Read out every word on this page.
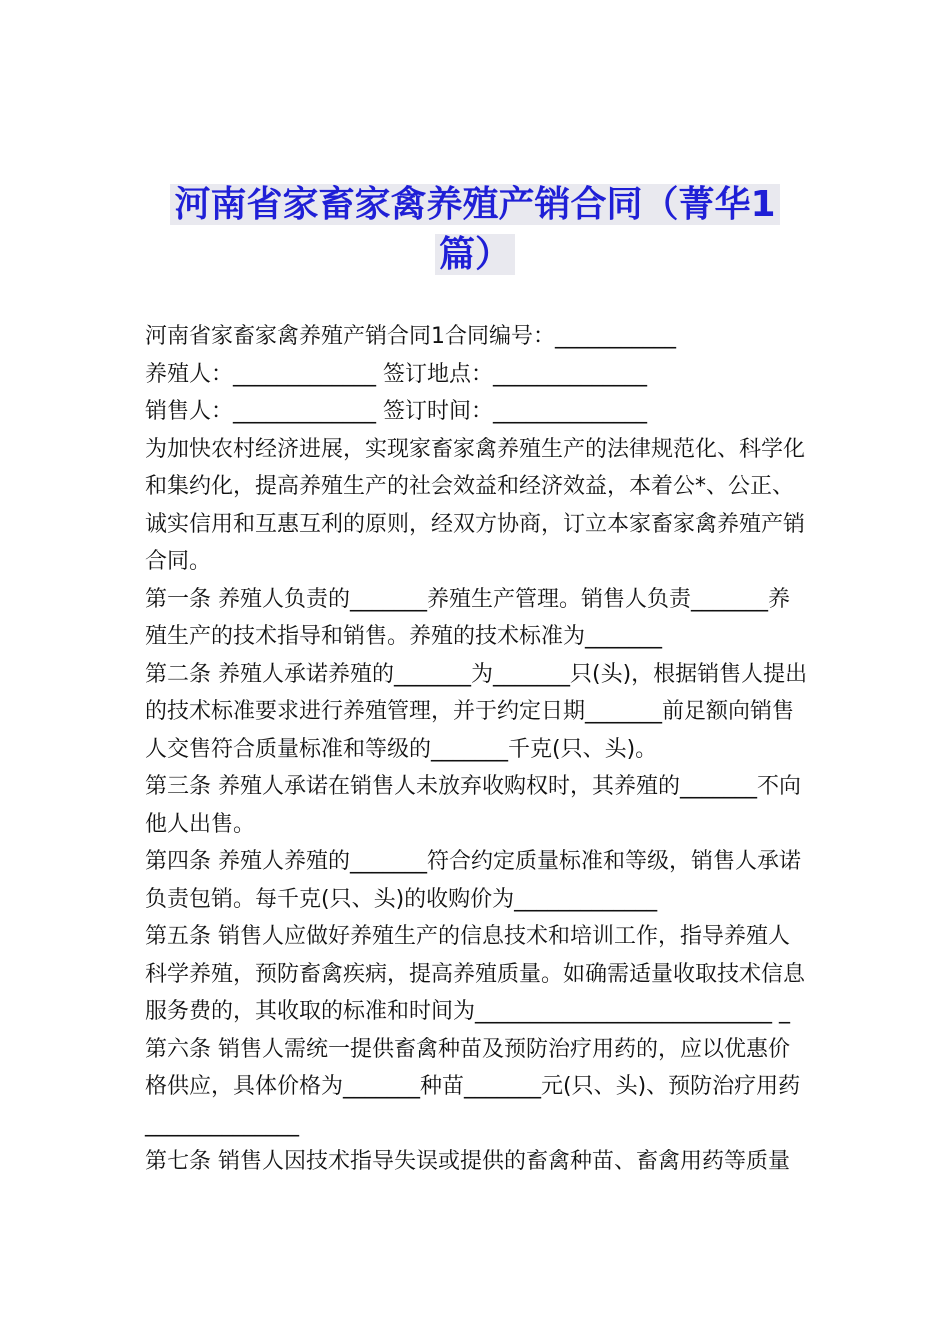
河南省家畜家禽养殖产销合同（菁华1
篇）

河南省家畜家禽养殖产销合同1合同编号：___________

养殖人：_____________ 签订地点：______________

销售人：_____________ 签订时间：______________

为加快农村经济进展，实现家畜家禽养殖生产的法律规范化、科学化和集约化，提高养殖生产的社会效益和经济效益，本着公*、公正、诚实信用和互惠互利的原则，经双方协商，订立本家畜家禽养殖产销合同。

第一条 养殖人负责的_______养殖生产管理。销售人负责_______养殖生产的技术指导和销售。养殖的技术标准为_______

第二条 养殖人承诺养殖的_______为_______只(头)，根据销售人提出的技术标准要求进行养殖管理，并于约定日期_______前足额向销售人交售符合质量标准和等级的_______千克(只、头)。

第三条 养殖人承诺在销售人未放弃收购权时，其养殖的_______不向他人出售。

第四条 养殖人养殖的_______符合约定质量标准和等级，销售人承诺负责包销。每千克(只、头)的收购价为_____________

第五条 销售人应做好养殖生产的信息技术和培训工作，指导养殖人科学养殖，预防畜禽疾病，提高养殖质量。如确需适量收取技术信息服务费的，其收取的标准和时间为___________________________ _

第六条 销售人需统一提供畜禽种苗及预防治疗用药的，应以优惠价格供应，具体价格为_______种苗_______元(只、头)、预防治疗用药 ______________

第七条 销售人因技术指导失误或提供的畜禽种苗、畜禽用药等质量
